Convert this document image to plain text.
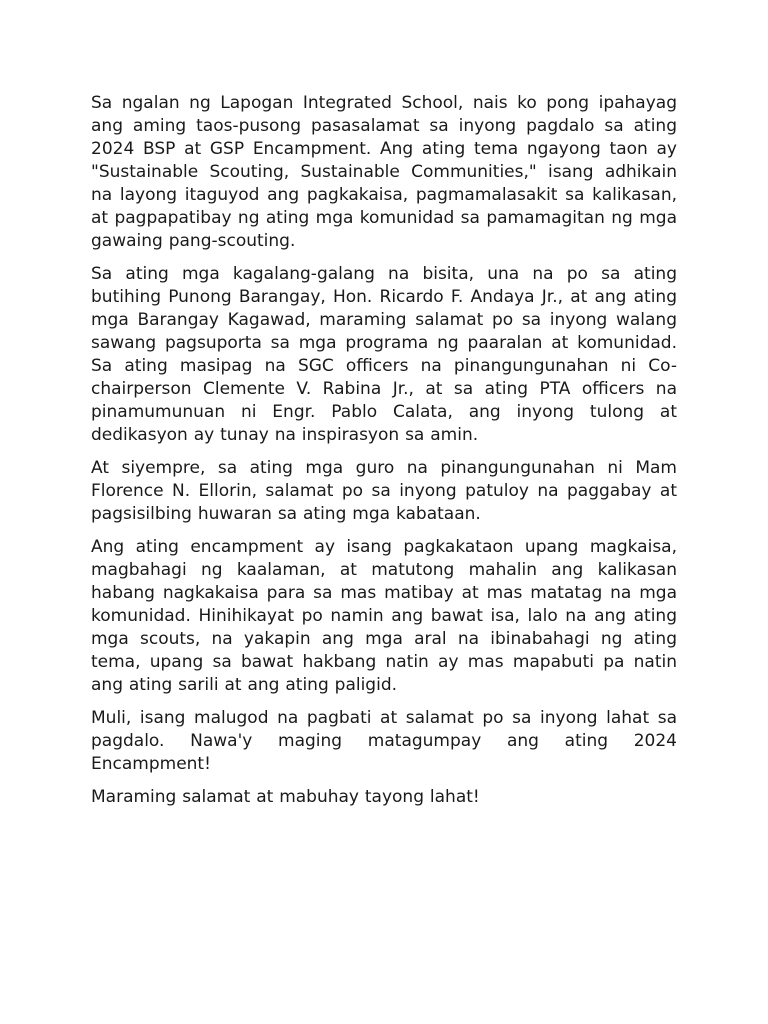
Sa ngalan ng Lapogan Integrated School, nais ko pong ipahayag ang aming taos-pusong pasasalamat sa inyong pagdalo sa ating 2024 BSP at GSP Encampment. Ang ating tema ngayong taon ay "Sustainable Scouting, Sustainable Communities," isang adhikain na layong itaguyod ang pagkakaisa, pagmamalasakit sa kalikasan, at pagpapatibay ng ating mga komunidad sa pamamagitan ng mga gawaing pang-scouting.

Sa ating mga kagalang-galang na bisita, una na po sa ating butihing Punong Barangay, Hon. Ricardo F. Andaya Jr., at ang ating mga Barangay Kagawad, maraming salamat po sa inyong walang sawang pagsuporta sa mga programa ng paaralan at komunidad. Sa ating masipag na SGC officers na pinangungunahan ni Co-chairperson Clemente V. Rabina Jr., at sa ating PTA officers na pinamumunuan ni Engr. Pablo Calata, ang inyong tulong at dedikasyon ay tunay na inspirasyon sa amin.

At siyempre, sa ating mga guro na pinangungunahan ni Mam Florence N. Ellorin, salamat po sa inyong patuloy na paggabay at pagsisilbing huwaran sa ating mga kabataan.

Ang ating encampment ay isang pagkakataon upang magkaisa, magbahagi ng kaalaman, at matutong mahalin ang kalikasan habang nagkakaisa para sa mas matibay at mas matatag na mga komunidad. Hinihikayat po namin ang bawat isa, lalo na ang ating mga scouts, na yakapin ang mga aral na ibinabahagi ng ating tema, upang sa bawat hakbang natin ay mas mapabuti pa natin ang ating sarili at ang ating paligid.

Muli, isang malugod na pagbati at salamat po sa inyong lahat sa pagdalo. Nawa'y maging matagumpay ang ating 2024 Encampment!

Maraming salamat at mabuhay tayong lahat!
